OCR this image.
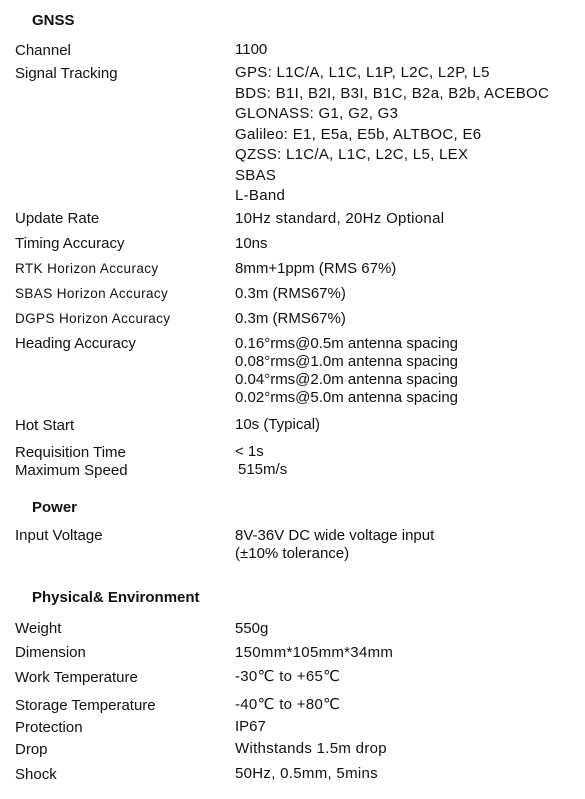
GNSS
Channel	1100
Signal Tracking	GPS: L1C/A, L1C, L1P, L2C, L2P, L5
BDS: B1I, B2I, B3I, B1C, B2a, B2b, ACEBOC
GLONASS: G1, G2, G3
Galileo: E1, E5a, E5b, ALTBOC, E6
QZSS: L1C/A, L1C, L2C, L5, LEX
SBAS
L-Band
Update Rate	10Hz standard, 20Hz Optional
Timing Accuracy	10ns
RTK Horizon Accuracy	8mm+1ppm (RMS 67%)
SBAS Horizon Accuracy	0.3m (RMS67%)
DGPS Horizon Accuracy	0.3m (RMS67%)
Heading Accuracy	0.16°rms@0.5m antenna spacing
0.08°rms@1.0m antenna spacing
0.04°rms@2.0m antenna spacing
0.02°rms@5.0m antenna spacing
Hot Start	10s (Typical)
Requisition Time	< 1s
Maximum Speed	515m/s
Power
Input Voltage	8V-36V DC wide voltage input
(±10% tolerance)
Physical& Environment
Weight	550g
Dimension	150mm*105mm*34mm
Work Temperature	-30℃ to +65℃
Storage Temperature	-40℃ to +80℃
Protection	IP67
Drop	Withstands 1.5m drop
Shock	50Hz, 0.5mm, 5mins
